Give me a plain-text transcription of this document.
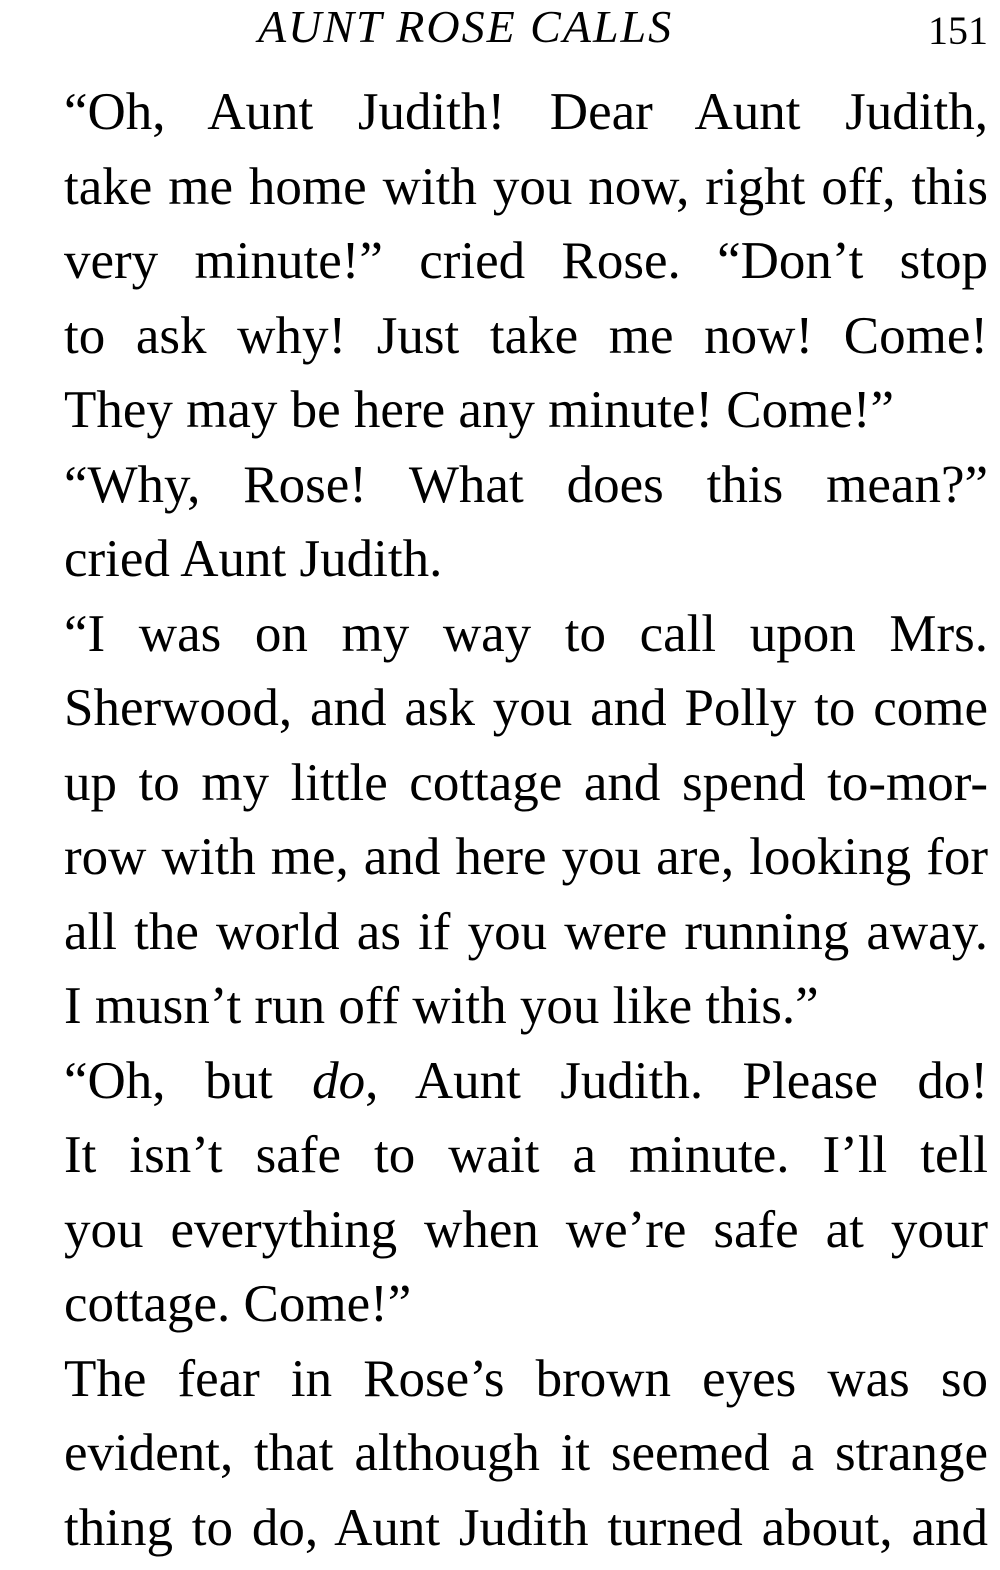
AUNT ROSE CALLS	151

“Oh, Aunt Judith! Dear Aunt Judith,
take me home with you now, right off, this
very minute!” cried Rose. “Don’t stop
to ask why! Just take me now! Come!
They may be here any minute! Come!”

“Why, Rose! What does this mean?”
cried Aunt Judith.

“I was on my way to call upon Mrs.
Sherwood, and ask you and Polly to come
up to my little cottage and spend to-mor-
row with me, and here you are, looking for
all the world as if you were running away.
I musn’t run off with you like this.”

“Oh, but do, Aunt Judith. Please do!
It isn’t safe to wait a minute. I’ll tell
you everything when we’re safe at your
cottage. Come!”

The fear in Rose’s brown eyes was so
evident, that although it seemed a strange
thing to do, Aunt Judith turned about, and
